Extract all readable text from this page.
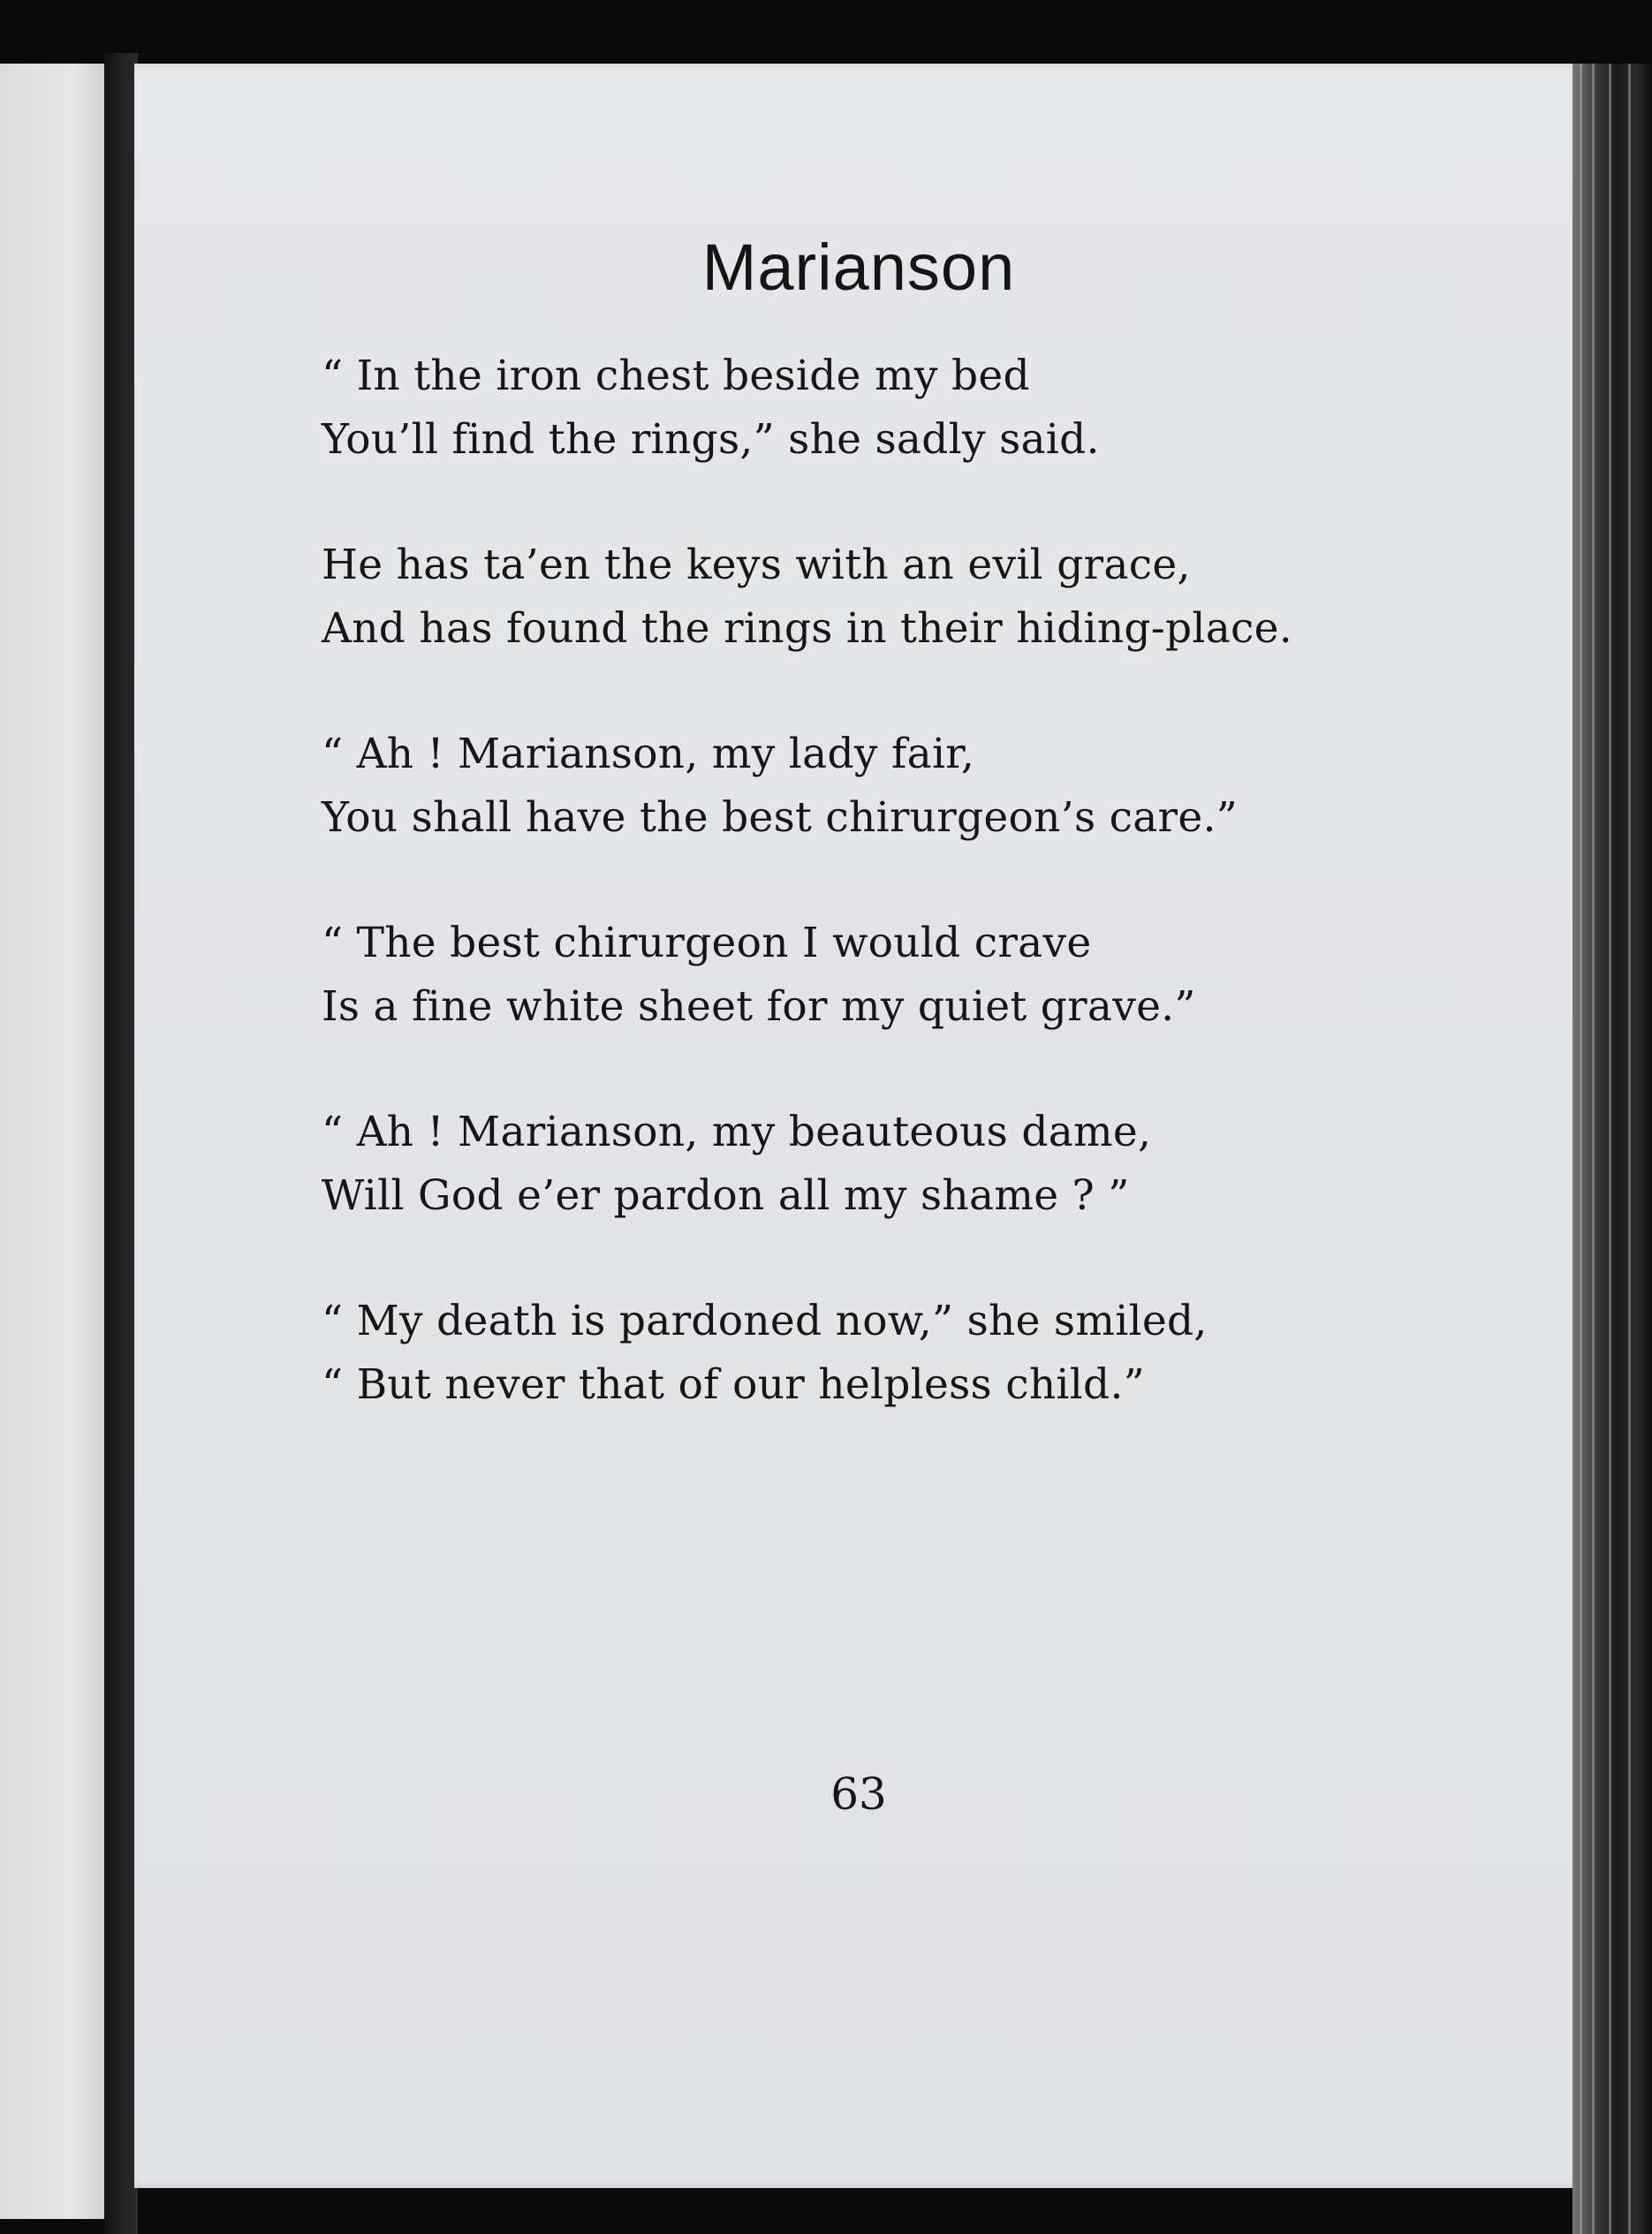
Marianson
“ In the iron chest beside my bed
You’ll find the rings,” she sadly said.
He has ta’en the keys with an evil grace,
And has found the rings in their hiding-place.
“ Ah ! Marianson, my lady fair,
You shall have the best chirurgeon’s care.”
“ The best chirurgeon I would crave
Is a fine white sheet for my quiet grave.”
“ Ah ! Marianson, my beauteous dame,
Will God e’er pardon all my shame ? ”
“ My death is pardoned now,” she smiled,
“ But never that of our helpless child.”
63
